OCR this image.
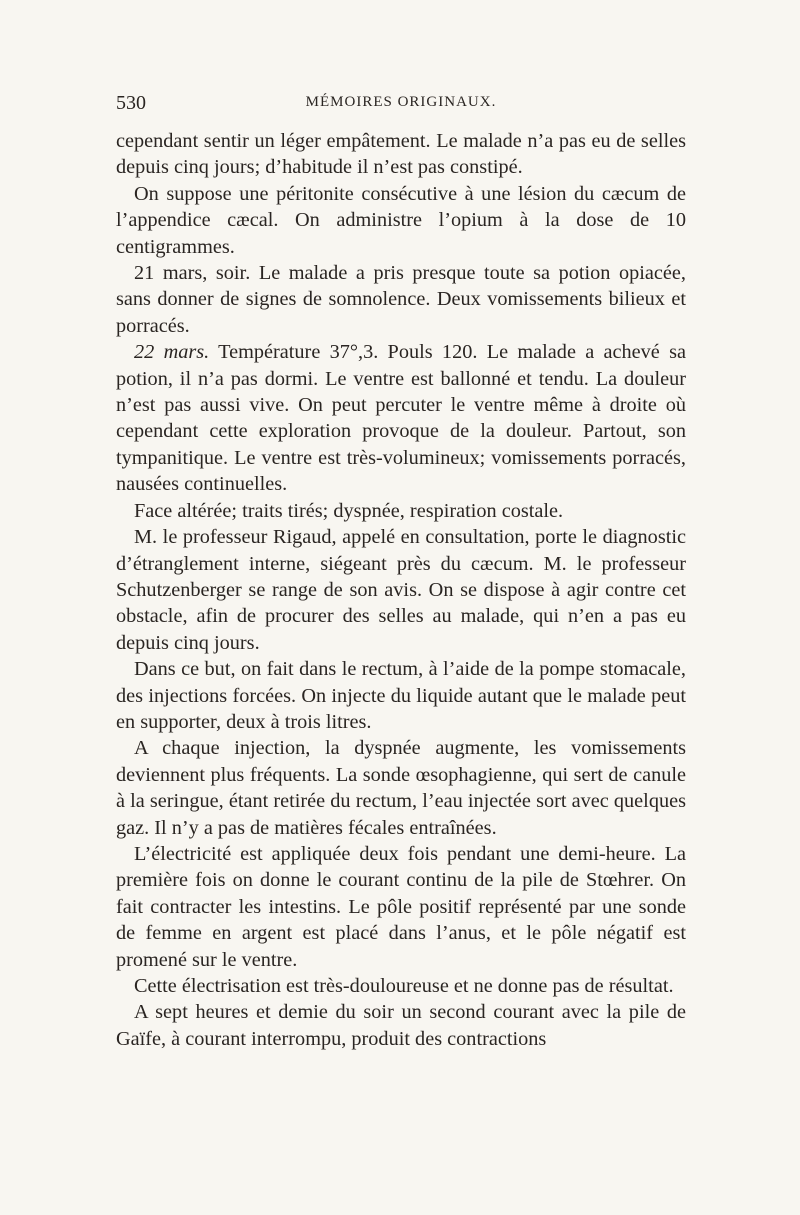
530	MÉMOIRES ORIGINAUX.

cependant sentir un léger empâtement. Le malade n’a pas eu de selles depuis cinq jours; d’habitude il n’est pas constipé.

On suppose une péritonite consécutive à une lésion du cæcum de l’appendice cæcal. On administre l’opium à la dose de 10 centigrammes.

21 mars, soir. Le malade a pris presque toute sa potion opiacée, sans donner de signes de somnolence. Deux vomissements bilieux et porracés.

22 mars. Température 37°,3. Pouls 120. Le malade a achevé sa potion, il n’a pas dormi. Le ventre est ballonné et tendu. La douleur n’est pas aussi vive. On peut percuter le ventre même à droite où cependant cette exploration provoque de la douleur. Partout, son tympanitique. Le ventre est très-volumineux; vomissements porracés, nausées continuelles.

Face altérée; traits tirés; dyspnée, respiration costale.

M. le professeur Rigaud, appelé en consultation, porte le diagnostic d’étranglement interne, siégeant près du cæcum. M. le professeur Schutzenberger se range de son avis. On se dispose à agir contre cet obstacle, afin de procurer des selles au malade, qui n’en a pas eu depuis cinq jours.

Dans ce but, on fait dans le rectum, à l’aide de la pompe stomacale, des injections forcées. On injecte du liquide autant que le malade peut en supporter, deux à trois litres.

A chaque injection, la dyspnée augmente, les vomissements deviennent plus fréquents. La sonde œsophagienne, qui sert de canule à la seringue, étant retirée du rectum, l’eau injectée sort avec quelques gaz. Il n’y a pas de matières fécales entraînées.

L’électricité est appliquée deux fois pendant une demi-heure. La première fois on donne le courant continu de la pile de Stœhrer. On fait contracter les intestins. Le pôle positif représenté par une sonde de femme en argent est placé dans l’anus, et le pôle négatif est promené sur le ventre.

Cette électrisation est très-douloureuse et ne donne pas de résultat.

A sept heures et demie du soir un second courant avec la pile de Gaïfe, à courant interrompu, produit des contractions
